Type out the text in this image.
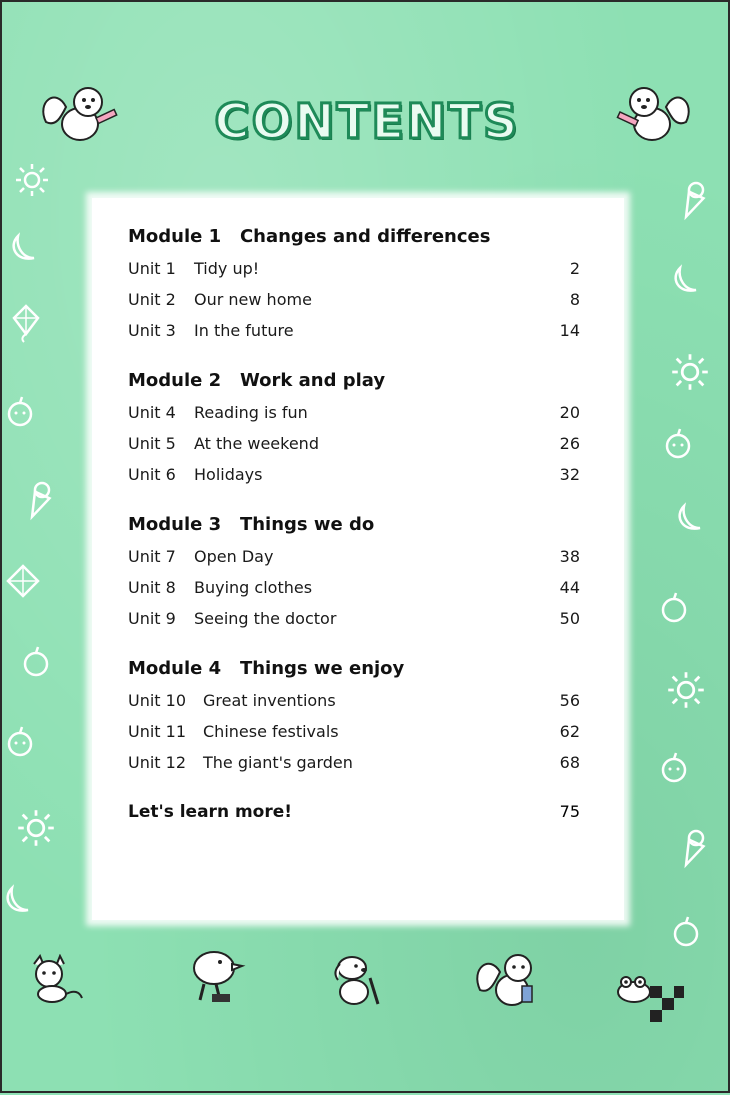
CONTENTS
Module 1   Changes and differences
Unit 1 Tidy up!	2
Unit 2 Our new home	8
Unit 3 In the future	14
Module 2   Work and play
Unit 4 Reading is fun	20
Unit 5 At the weekend	26
Unit 6 Holidays	32
Module 3   Things we do
Unit 7 Open Day	38
Unit 8 Buying clothes	44
Unit 9 Seeing the doctor	50
Module 4   Things we enjoy
Unit 10 Great inventions	56
Unit 11 Chinese festivals	62
Unit 12 The giant's garden	68
Let's learn more!	75
